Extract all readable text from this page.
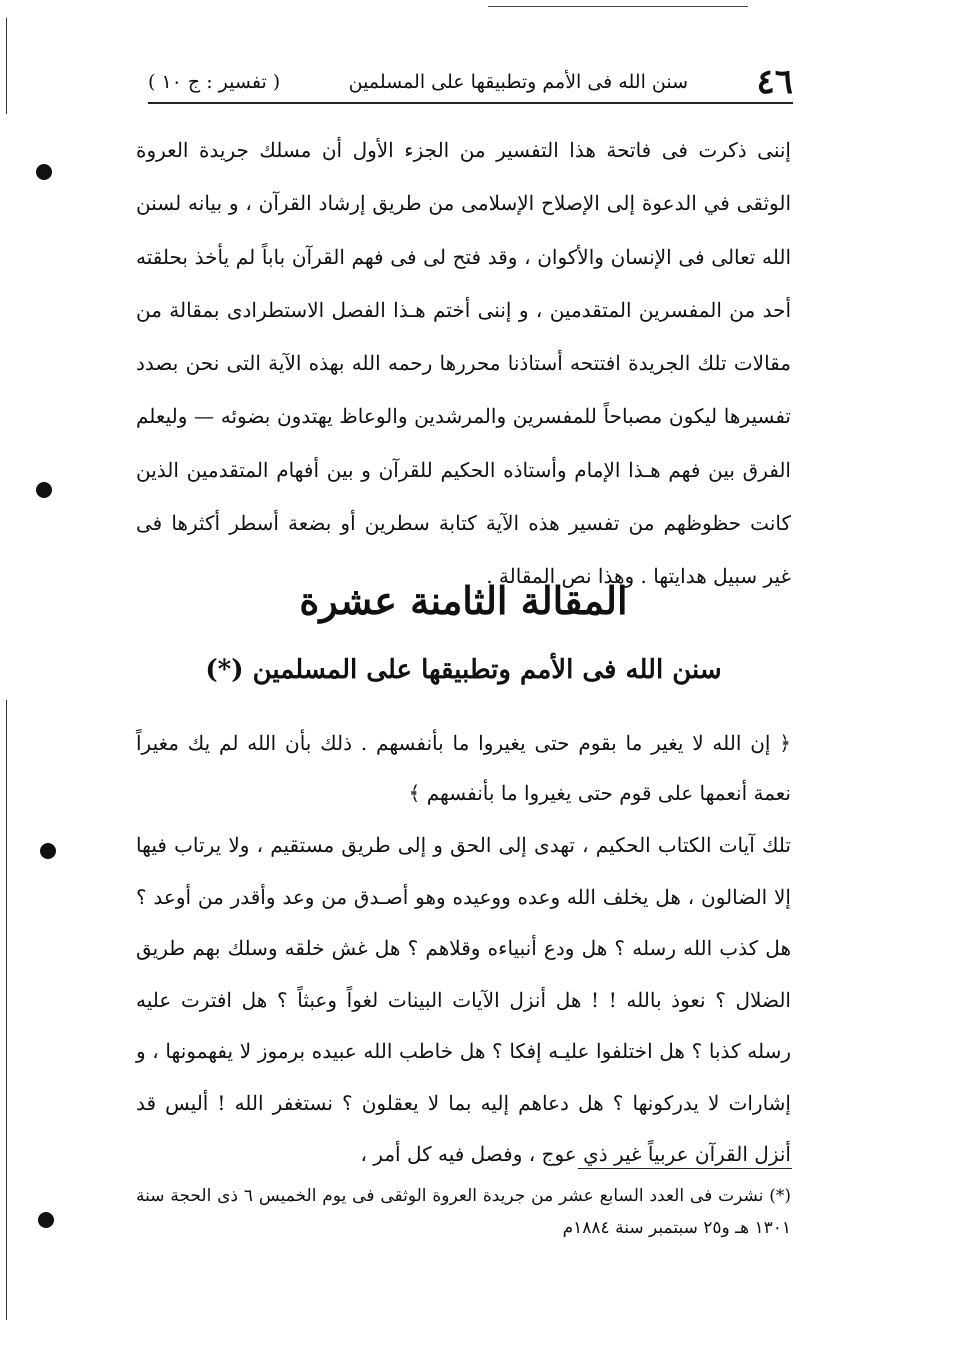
٤٦
سنن الله فى الأمم وتطبيقها على المسلمين
( تفسير : ج ١٠ )

إننى ذكرت فى فاتحة هذا التفسير من الجزء الأول أن مسلك جريدة العروة الوثقى في الدعوة إلى الإصلاح الإسلامى من طريق إرشاد القرآن ، و بيانه لسنن الله تعالى فى الإنسان والأكوان ، وقد فتح لى فى فهم القرآن باباً لم يأخذ بحلقته أحد من المفسرين المتقدمين ، و إننى أختم هـذا الفصل الاستطرادى بمقالة من مقالات تلك الجريدة افتتحه أستاذنا محررها رحمه الله بهذه الآية التى نحن بصدد تفسيرها ليكون مصباحاً للمفسرين والمرشدين والوعاظ يهتدون بضوئه — وليعلم الفرق بين فهم هـذا الإمام وأستاذه الحكيم للقرآن و بين أفهام المتقدمين الذين كانت حظوظهم من تفسير هذه الآية كتابة سطرين أو بضعة أسطر أكثرها فى غير سبيل هدايتها . وهذا نص المقالة .

المقالة الثامنة عشرة
سنن الله فى الأمم وتطبيقها على المسلمين (*)

﴿ إن الله لا يغير ما بقوم حتى يغيروا ما بأنفسهم . ذلك بأن الله لم يك مغيراً نعمة أنعمها على قوم حتى يغيروا ما بأنفسهم ﴾

تلك آيات الكتاب الحكيم ، تهدى إلى الحق و إلى طريق مستقيم ، ولا يرتاب فيها إلا الضالون ، هل يخلف الله وعده ووعيده وهو أصـدق من وعد وأقدر من أوعد ؟ هل كذب الله رسله ؟ هل ودع أنبياءه وقلاهم ؟ هل غش خلقه وسلك بهم طريق الضلال ؟ نعوذ بالله ! ! هل أنزل الآيات البينات لغواً وعبثاً ؟ هل افترت عليه رسله كذبا ؟ هل اختلفوا عليـه إفكا ؟ هل خاطب الله عبيده برموز لا يفهمونها ، و إشارات لا يدركونها ؟ هل دعاهم إليه بما لا يعقلون ؟ نستغفر الله ! أليس قد أنزل القرآن عربياً غير ذي عوج ، وفصل فيه كل أمر ،

(*) نشرت فى العدد السابع عشر من جريدة العروة الوثقى فى يوم الخميس ٦ ذى الحجة سنة ١٣٠١ هـ و٢٥ سبتمبر سنة ١٨٨٤م
